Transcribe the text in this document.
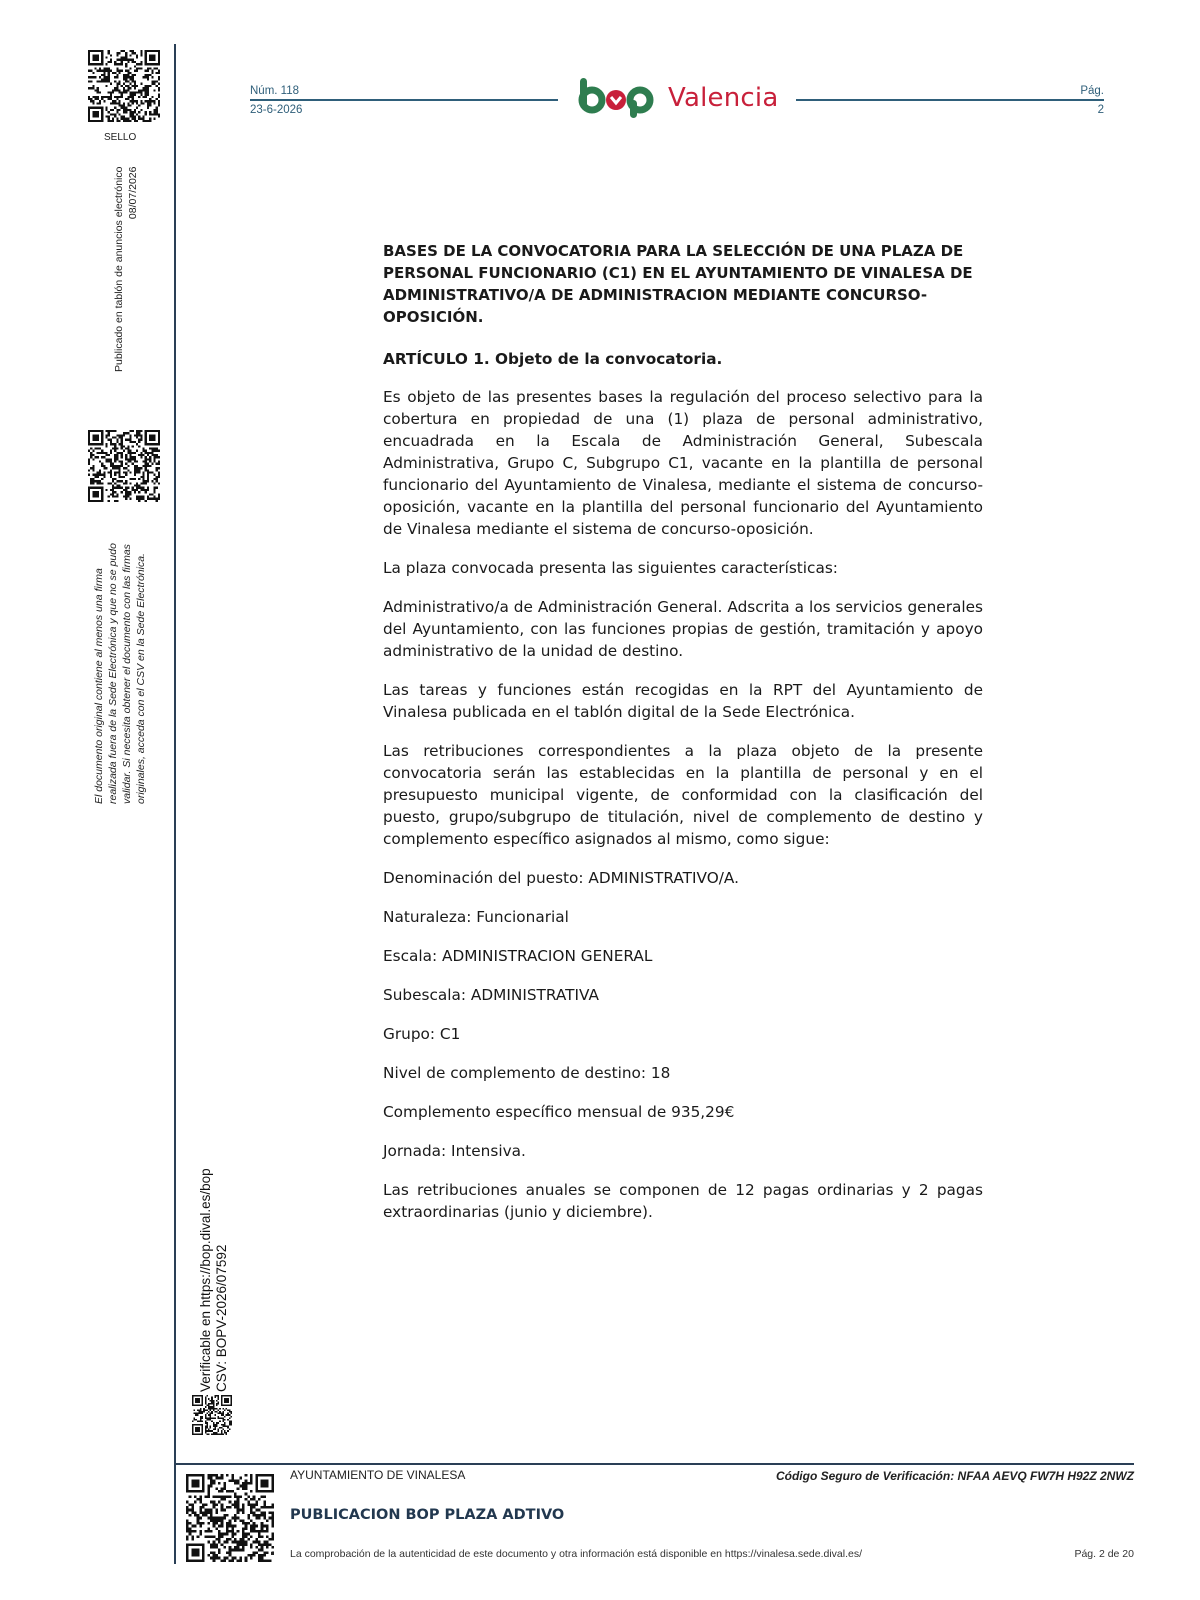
SELLO
Publicado en tablón de anuncios electrónico 08/07/2026
El documento original contiene al menos una firma realizada fuera de la Sede Electrónica y que no se pudo validar. Si necesita obtener el documento con las firmas originales, acceda con el CSV en la Sede Electrónica.
Verificable en https://bop.dival.es/bop CSV: BOPV-2026/07592
Núm. 118
23-6-2026	Valencia	Pág.
2

BASES DE LA CONVOCATORIA PARA LA SELECCIÓN DE UNA PLAZA DE PERSONAL FUNCIONARIO (C1) EN EL AYUNTAMIENTO DE VINALESA DE ADMINISTRATIVO/A DE ADMINISTRACION MEDIANTE CONCURSO-OPOSICIÓN.

ARTÍCULO 1. Objeto de la convocatoria.

Es objeto de las presentes bases la regulación del proceso selectivo para la cobertura en propiedad de una (1) plaza de personal administrativo, encuadrada en la Escala de Administración General, Subescala Administrativa, Grupo C, Subgrupo C1, vacante en la plantilla de personal funcionario del Ayuntamiento de Vinalesa, mediante el sistema de concurso-oposición, vacante en la plantilla del personal funcionario del Ayuntamiento de Vinalesa mediante el sistema de concurso-oposición.

La plaza convocada presenta las siguientes características:

Administrativo/a de Administración General. Adscrita a los servicios generales del Ayuntamiento, con las funciones propias de gestión, tramitación y apoyo administrativo de la unidad de destino.

Las tareas y funciones están recogidas en la RPT del Ayuntamiento de Vinalesa publicada en el tablón digital de la Sede Electrónica.

Las retribuciones correspondientes a la plaza objeto de la presente convocatoria serán las establecidas en la plantilla de personal y en el presupuesto municipal vigente, de conformidad con la clasificación del puesto, grupo/subgrupo de titulación, nivel de complemento de destino y complemento específico asignados al mismo, como sigue:

Denominación del puesto: ADMINISTRATIVO/A.

Naturaleza: Funcionarial

Escala: ADMINISTRACION GENERAL

Subescala: ADMINISTRATIVA

Grupo: C1

Nivel de complemento de destino: 18

Complemento específico mensual de 935,29€

Jornada: Intensiva.

Las retribuciones anuales se componen de 12 pagas ordinarias y 2 pagas extraordinarias (junio y diciembre).

AYUNTAMIENTO DE VINALESA	Código Seguro de Verificación: NFAA AEVQ FW7H H92Z 2NWZ
PUBLICACION BOP PLAZA ADTIVO
La comprobación de la autenticidad de este documento y otra información está disponible en https://vinalesa.sede.dival.es/	Pág. 2 de 20
